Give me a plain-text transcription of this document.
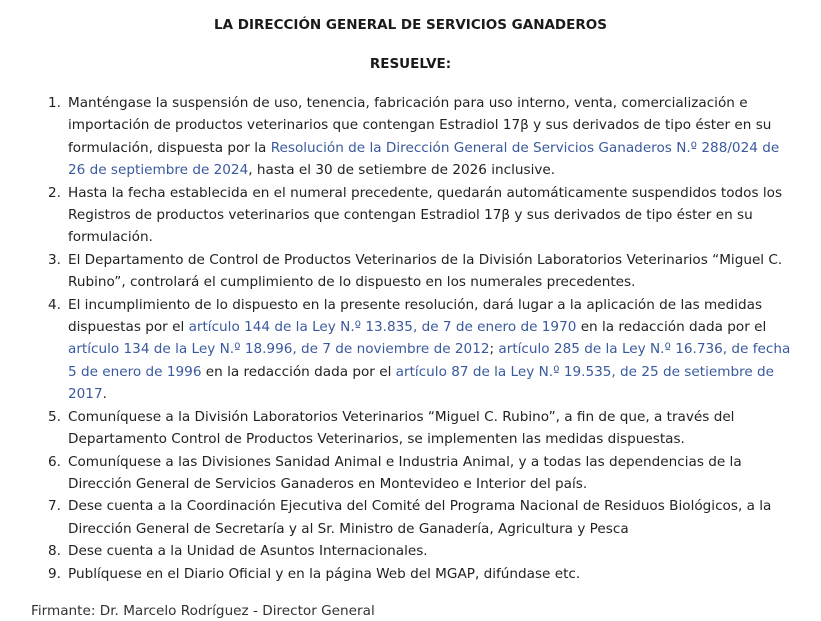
LA DIRECCIÓN GENERAL DE SERVICIOS GANADEROS
RESUELVE:
1. Manténgase la suspensión de uso, tenencia, fabricación para uso interno, venta, comercialización e importación de productos veterinarios que contengan Estradiol 17β y sus derivados de tipo éster en su formulación, dispuesta por la Resolución de la Dirección General de Servicios Ganaderos N.º 288/024 de 26 de septiembre de 2024, hasta el 30 de setiembre de 2026 inclusive.
2. Hasta la fecha establecida en el numeral precedente, quedarán automáticamente suspendidos todos los Registros de productos veterinarios que contengan Estradiol 17β y sus derivados de tipo éster en su formulación.
3. El Departamento de Control de Productos Veterinarios de la División Laboratorios Veterinarios “Miguel C. Rubino”, controlará el cumplimiento de lo dispuesto en los numerales precedentes.
4. El incumplimiento de lo dispuesto en la presente resolución, dará lugar a la aplicación de las medidas dispuestas por el artículo 144 de la Ley N.º 13.835, de 7 de enero de 1970 en la redacción dada por el artículo 134 de la Ley N.º 18.996, de 7 de noviembre de 2012; artículo 285 de la Ley N.º 16.736, de fecha 5 de enero de 1996 en la redacción dada por el artículo 87 de la Ley N.º 19.535, de 25 de setiembre de 2017.
5. Comuníquese a la División Laboratorios Veterinarios “Miguel C. Rubino”, a fin de que, a través del Departamento Control de Productos Veterinarios, se implementen las medidas dispuestas.
6. Comuníquese a las Divisiones Sanidad Animal e Industria Animal, y a todas las dependencias de la Dirección General de Servicios Ganaderos en Montevideo e Interior del país.
7. Dese cuenta a la Coordinación Ejecutiva del Comité del Programa Nacional de Residuos Biológicos, a la Dirección General de Secretaría y al Sr. Ministro de Ganadería, Agricultura y Pesca
8. Dese cuenta a la Unidad de Asuntos Internacionales.
9. Publíquese en el Diario Oficial y en la página Web del MGAP, difúndase etc.
Firmante: Dr. Marcelo Rodríguez - Director General
